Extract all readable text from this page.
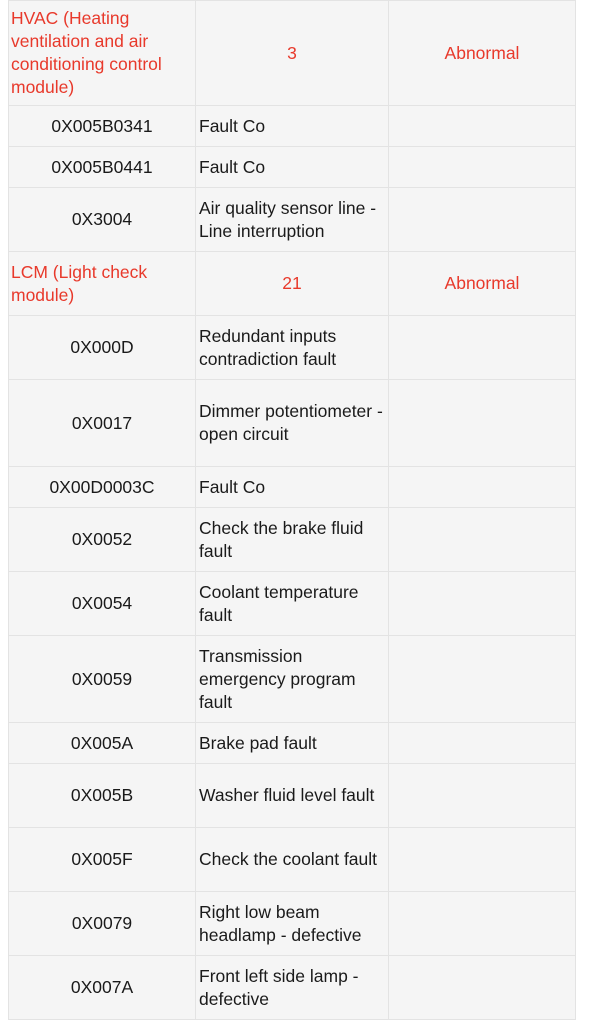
HVAC (Heating ventilation and air conditioning control module)	3	Abnormal
0X005B0341	Fault Co	
0X005B0441	Fault Co	
0X3004	Air quality sensor line - Line interruption	
LCM (Light check module)	21	Abnormal
0X000D	Redundant inputs contradiction fault	
0X0017	Dimmer potentiometer - open circuit	
0X00D0003C	Fault Co	
0X0052	Check the brake fluid fault	
0X0054	Coolant temperature fault	
0X0059	Transmission emergency program fault	
0X005A	Brake pad fault	
0X005B	Washer fluid level fault	
0X005F	Check the coolant fault	
0X0079	Right low beam headlamp - defective	
0X007A	Front left side lamp - defective	
